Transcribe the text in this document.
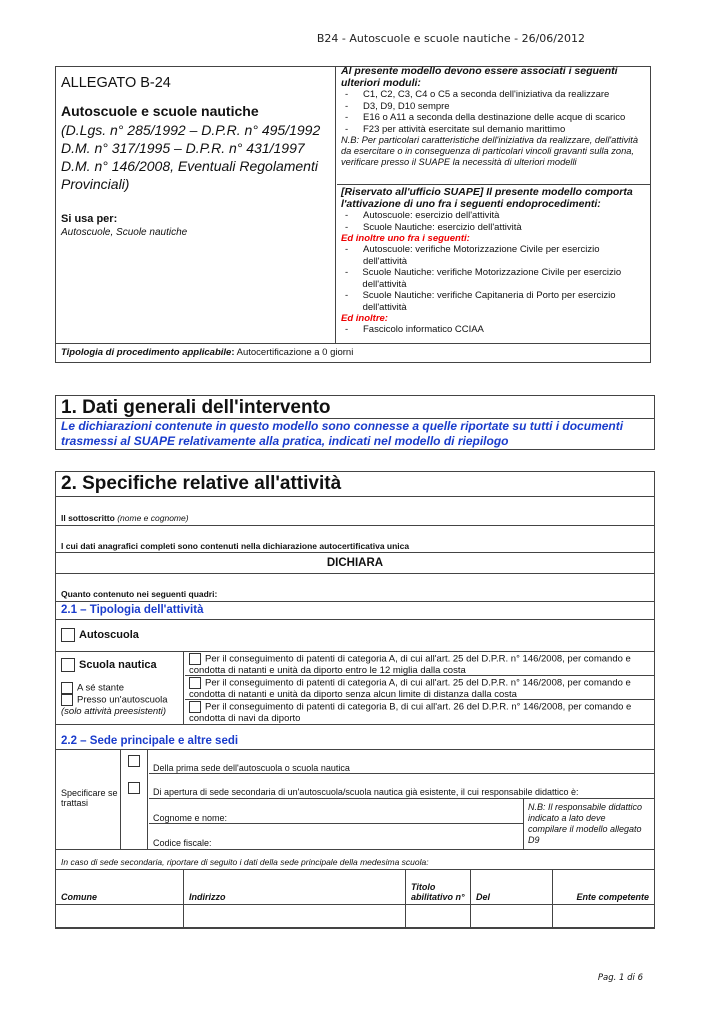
B24 - Autoscuole e scuole nautiche - 26/06/2012
ALLEGATO B-24
Autoscuole e scuole nautiche
(D.Lgs. n° 285/1992 – D.P.R. n° 495/1992 D.M. n° 317/1995 – D.P.R. n° 431/1997 D.M. n° 146/2008, Eventuali Regolamenti Provinciali)
Si usa per:
Autoscuole, Scuole nautiche
Al presente modello devono essere associati i seguenti ulteriori moduli:
-	C1, C2, C3, C4 o C5 a seconda dell'iniziativa da realizzare
-	D3, D9, D10 sempre
-	E16 o A11 a seconda della destinazione delle acque di scarico
-	F23 per attività esercitate sul demanio marittimo
N.B: Per particolari caratteristiche dell'iniziativa da realizzare, dell'attività da esercitare o in conseguenza di particolari vincoli gravanti sulla zona, verificare presso il SUAPE la necessità di ulteriori modelli
[Riservato all'ufficio SUAPE] Il presente modello comporta l'attivazione di uno fra i seguenti endoprocedimenti:
-	Autoscuole: esercizio dell'attività
-	Scuole Nautiche: esercizio dell'attività
Ed inoltre uno fra i seguenti:
-	Autoscuole: verifiche Motorizzazione Civile per esercizio dell'attività
-	Scuole Nautiche: verifiche Motorizzazione Civile per esercizio dell'attività
-	Scuole Nautiche: verifiche Capitaneria di Porto per esercizio dell'attività
Ed inoltre:
-	Fascicolo informatico CCIAA
Tipologia di procedimento applicabile: Autocertificazione a 0 giorni
1. Dati generali dell'intervento
Le dichiarazioni contenute in questo modello sono connesse a quelle riportate su tutti i documenti trasmessi al SUAPE relativamente alla pratica, indicati nel modello di riepilogo
2. Specifiche relative all'attività
Il sottoscritto (nome e cognome)
I cui dati anagrafici completi sono contenuti nella dichiarazione autocertificativa unica
DICHIARA
Quanto contenuto nei seguenti quadri:
2.1 – Tipologia dell'attività
Autoscuola
Scuola nautica
A sé stante
Presso un'autoscuola
(solo attività preesistenti)
Per il conseguimento di patenti di categoria A, di cui all'art. 25 del D.P.R. n° 146/2008, per comando e condotta di natanti e unità da diporto entro le 12 miglia dalla costa
Per il conseguimento di patenti di categoria A, di cui all'art. 25 del D.P.R. n° 146/2008, per comando e condotta di natanti e unità da diporto senza alcun limite di distanza dalla costa
Per il conseguimento di patenti di categoria B, di cui all'art. 26 del D.P.R. n° 146/2008, per comando e condotta di navi da diporto
2.2 – Sede principale e altre sedi
Specificare se trattasi
Della prima sede dell'autoscuola o scuola nautica
Di apertura di sede secondaria di un'autoscuola/scuola nautica già esistente, il cui responsabile didattico è:
Cognome e nome:
Codice fiscale:
N.B: Il responsabile didattico indicato a lato deve compilare il modello allegato D9
In caso di sede secondaria, riportare di seguito i dati della sede principale della medesima scuola:
Comune	Indirizzo	Titolo abilitativo n°	Del	Ente competente

Pag. 1 di 6
